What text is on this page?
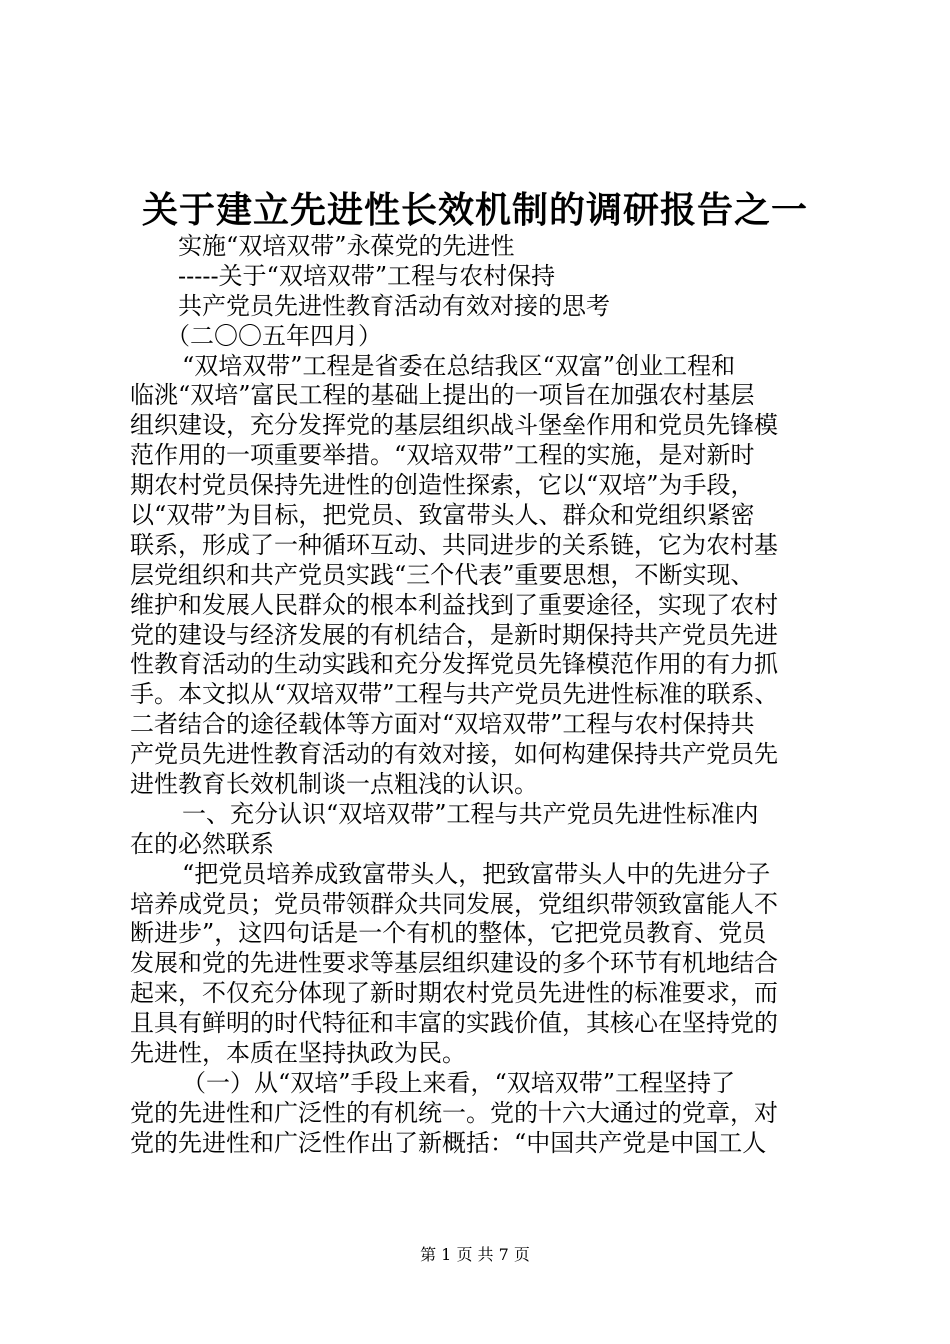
关于建立先进性长效机制的调研报告之一

实施“双培双带”永葆党的先进性

-----关于“双培双带”工程与农村保持

共产党员先进性教育活动有效对接的思考

（二〇〇五年四月）

“双培双带”工程是省委在总结我区“双富”创业工程和

临洮“双培”富民工程的基础上提出的一项旨在加强农村基层

组织建设，充分发挥党的基层组织战斗堡垒作用和党员先锋模

范作用的一项重要举措。“双培双带”工程的实施，是对新时

期农村党员保持先进性的创造性探索，它以“双培”为手段，

以“双带”为目标，把党员、致富带头人、群众和党组织紧密

联系，形成了一种循环互动、共同进步的关系链，它为农村基

层党组织和共产党员实践“三个代表”重要思想，不断实现、

维护和发展人民群众的根本利益找到了重要途径，实现了农村

党的建设与经济发展的有机结合，是新时期保持共产党员先进

性教育活动的生动实践和充分发挥党员先锋模范作用的有力抓

手。本文拟从“双培双带”工程与共产党员先进性标准的联系、

二者结合的途径载体等方面对“双培双带”工程与农村保持共

产党员先进性教育活动的有效对接，如何构建保持共产党员先

进性教育长效机制谈一点粗浅的认识。

一、充分认识“双培双带”工程与共产党员先进性标准内

在的必然联系

“把党员培养成致富带头人，把致富带头人中的先进分子

培养成党员；党员带领群众共同发展，党组织带领致富能人不

断进步”，这四句话是一个有机的整体，它把党员教育、党员

发展和党的先进性要求等基层组织建设的多个环节有机地结合

起来，不仅充分体现了新时期农村党员先进性的标准要求，而

且具有鲜明的时代特征和丰富的实践价值，其核心在坚持党的

先进性，本质在坚持执政为民。

（一）从“双培”手段上来看，“双培双带”工程坚持了

党的先进性和广泛性的有机统一。党的十六大通过的党章，对

党的先进性和广泛性作出了新概括：“中国共产党是中国工人

第 1 页 共 7 页
